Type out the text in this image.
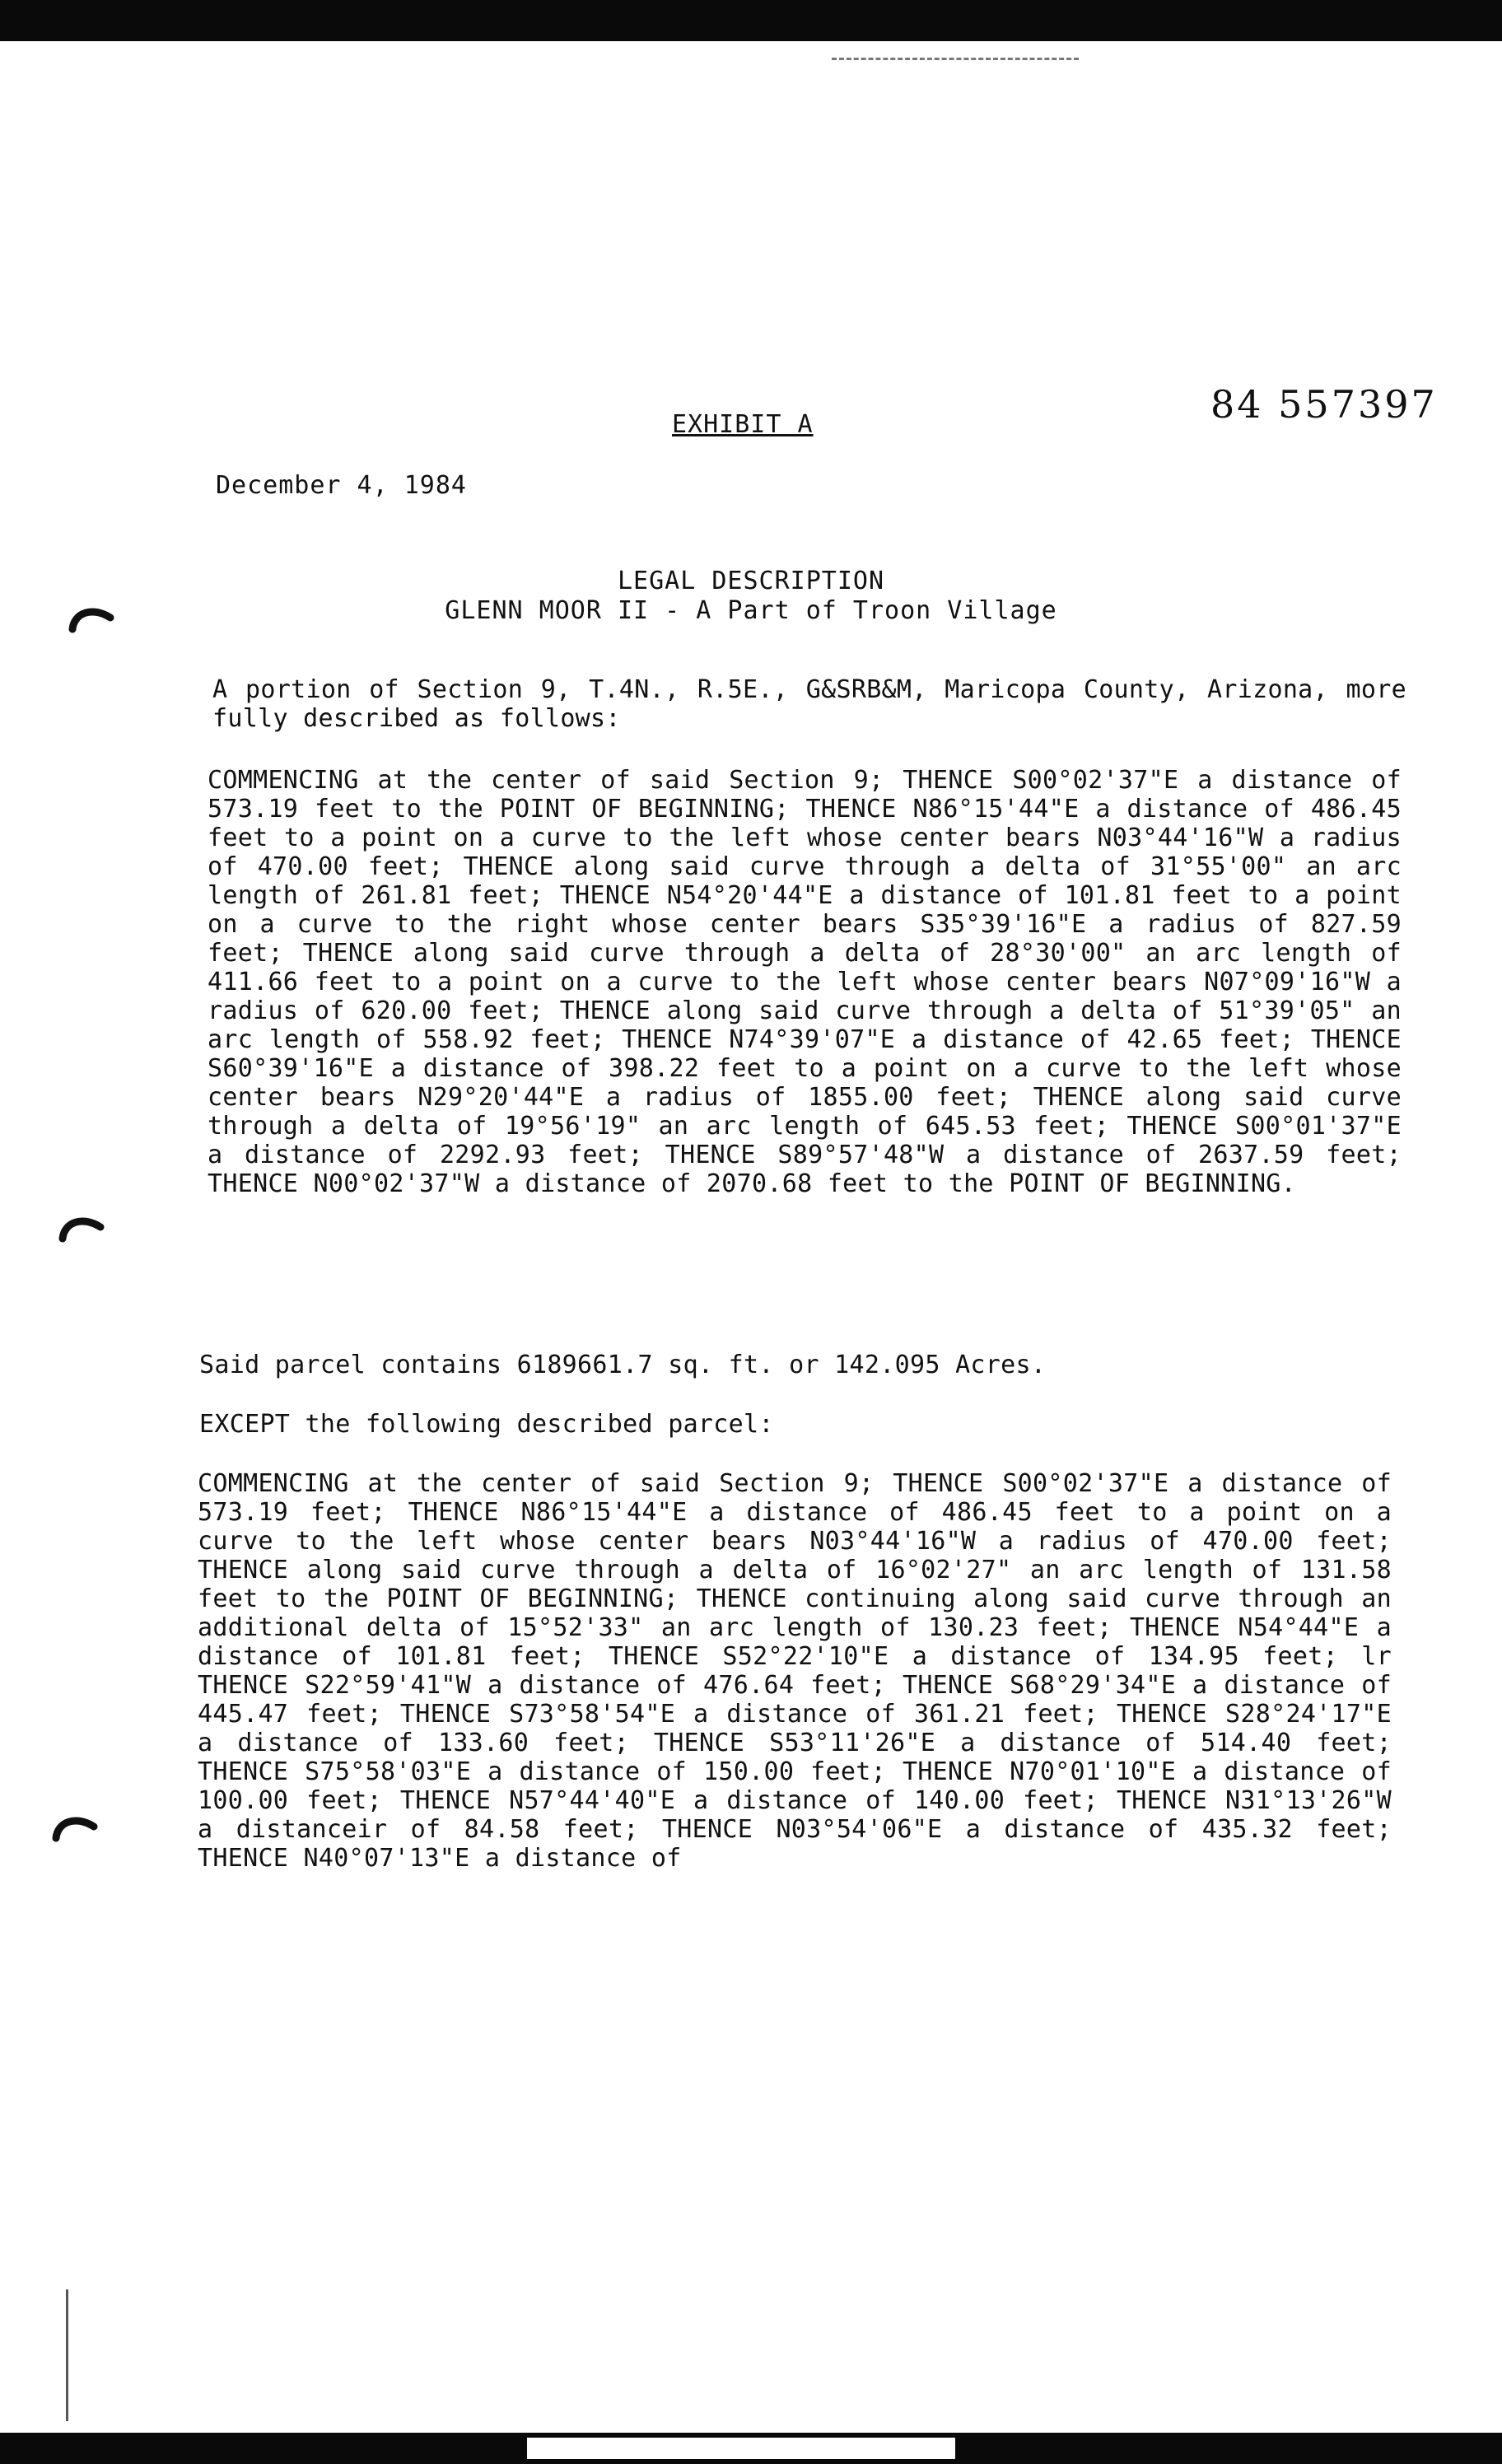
EXHIBIT A	84 557397
December 4, 1984
LEGAL DESCRIPTION
GLENN MOOR II - A Part of Troon Village
A portion of Section 9, T.4N., R.5E., G&SRB&M, Maricopa County, Arizona, more fully described as follows:
COMMENCING at the center of said Section 9; THENCE S00°02'37"E a distance of 573.19 feet to the POINT OF BEGINNING; THENCE N86°15'44"E a distance of 486.45 feet to a point on a curve to the left whose center bears N03°44'16"W a radius of 470.00 feet; THENCE along said curve through a delta of 31°55'00" an arc length of 261.81 feet; THENCE N54°20'44"E a distance of 101.81 feet to a point on a curve to the right whose center bears S35°39'16"E a radius of 827.59 feet; THENCE along said curve through a delta of 28°30'00" an arc length of 411.66 feet to a point on a curve to the left whose center bears N07°09'16"W a radius of 620.00 feet; THENCE along said curve through a delta of 51°39'05" an arc length of 558.92 feet; THENCE N74°39'07"E a distance of 42.65 feet; THENCE S60°39'16"E a distance of 398.22 feet to a point on a curve to the left whose center bears N29°20'44"E a radius of 1855.00 feet; THENCE along said curve through a delta of 19°56'19" an arc length of 645.53 feet; THENCE S00°01'37"E a distance of 2292.93 feet; THENCE S89°57'48"W a distance of 2637.59 feet; THENCE N00°02'37"W a distance of 2070.68 feet to the POINT OF BEGINNING.
Said parcel contains 6189661.7 sq. ft. or 142.095 Acres.
EXCEPT the following described parcel:
COMMENCING at the center of said Section 9; THENCE S00°02'37"E a distance of 573.19 feet; THENCE N86°15'44"E a distance of 486.45 feet to a point on a curve to the left whose center bears N03°44'16"W a radius of 470.00 feet; THENCE along said curve through a delta of 16°02'27" an arc length of 131.58 feet to the POINT OF BEGINNING; THENCE continuing along said curve through an additional delta of 15°52'33" an arc length of 130.23 feet; THENCE N54°44"E a distance of 101.81 feet; THENCE S52°22'10"E a distance of 134.95 feet; lr THENCE S22°59'41"W a distance of 476.64 feet; THENCE S68°29'34"E a distance of 445.47 feet; THENCE S73°58'54"E a distance of 361.21 feet; THENCE S28°24'17"E a distance of 133.60 feet; THENCE S53°11'26"E a distance of 514.40 feet; THENCE S75°58'03"E a distance of 150.00 feet; THENCE N70°01'10"E a distance of 100.00 feet; THENCE N57°44'40"E a distance of 140.00 feet; THENCE N31°13'26"W a distanceir of 84.58 feet; THENCE N03°54'06"E a distance of 435.32 feet; THENCE N40°07'13"E a distance of
